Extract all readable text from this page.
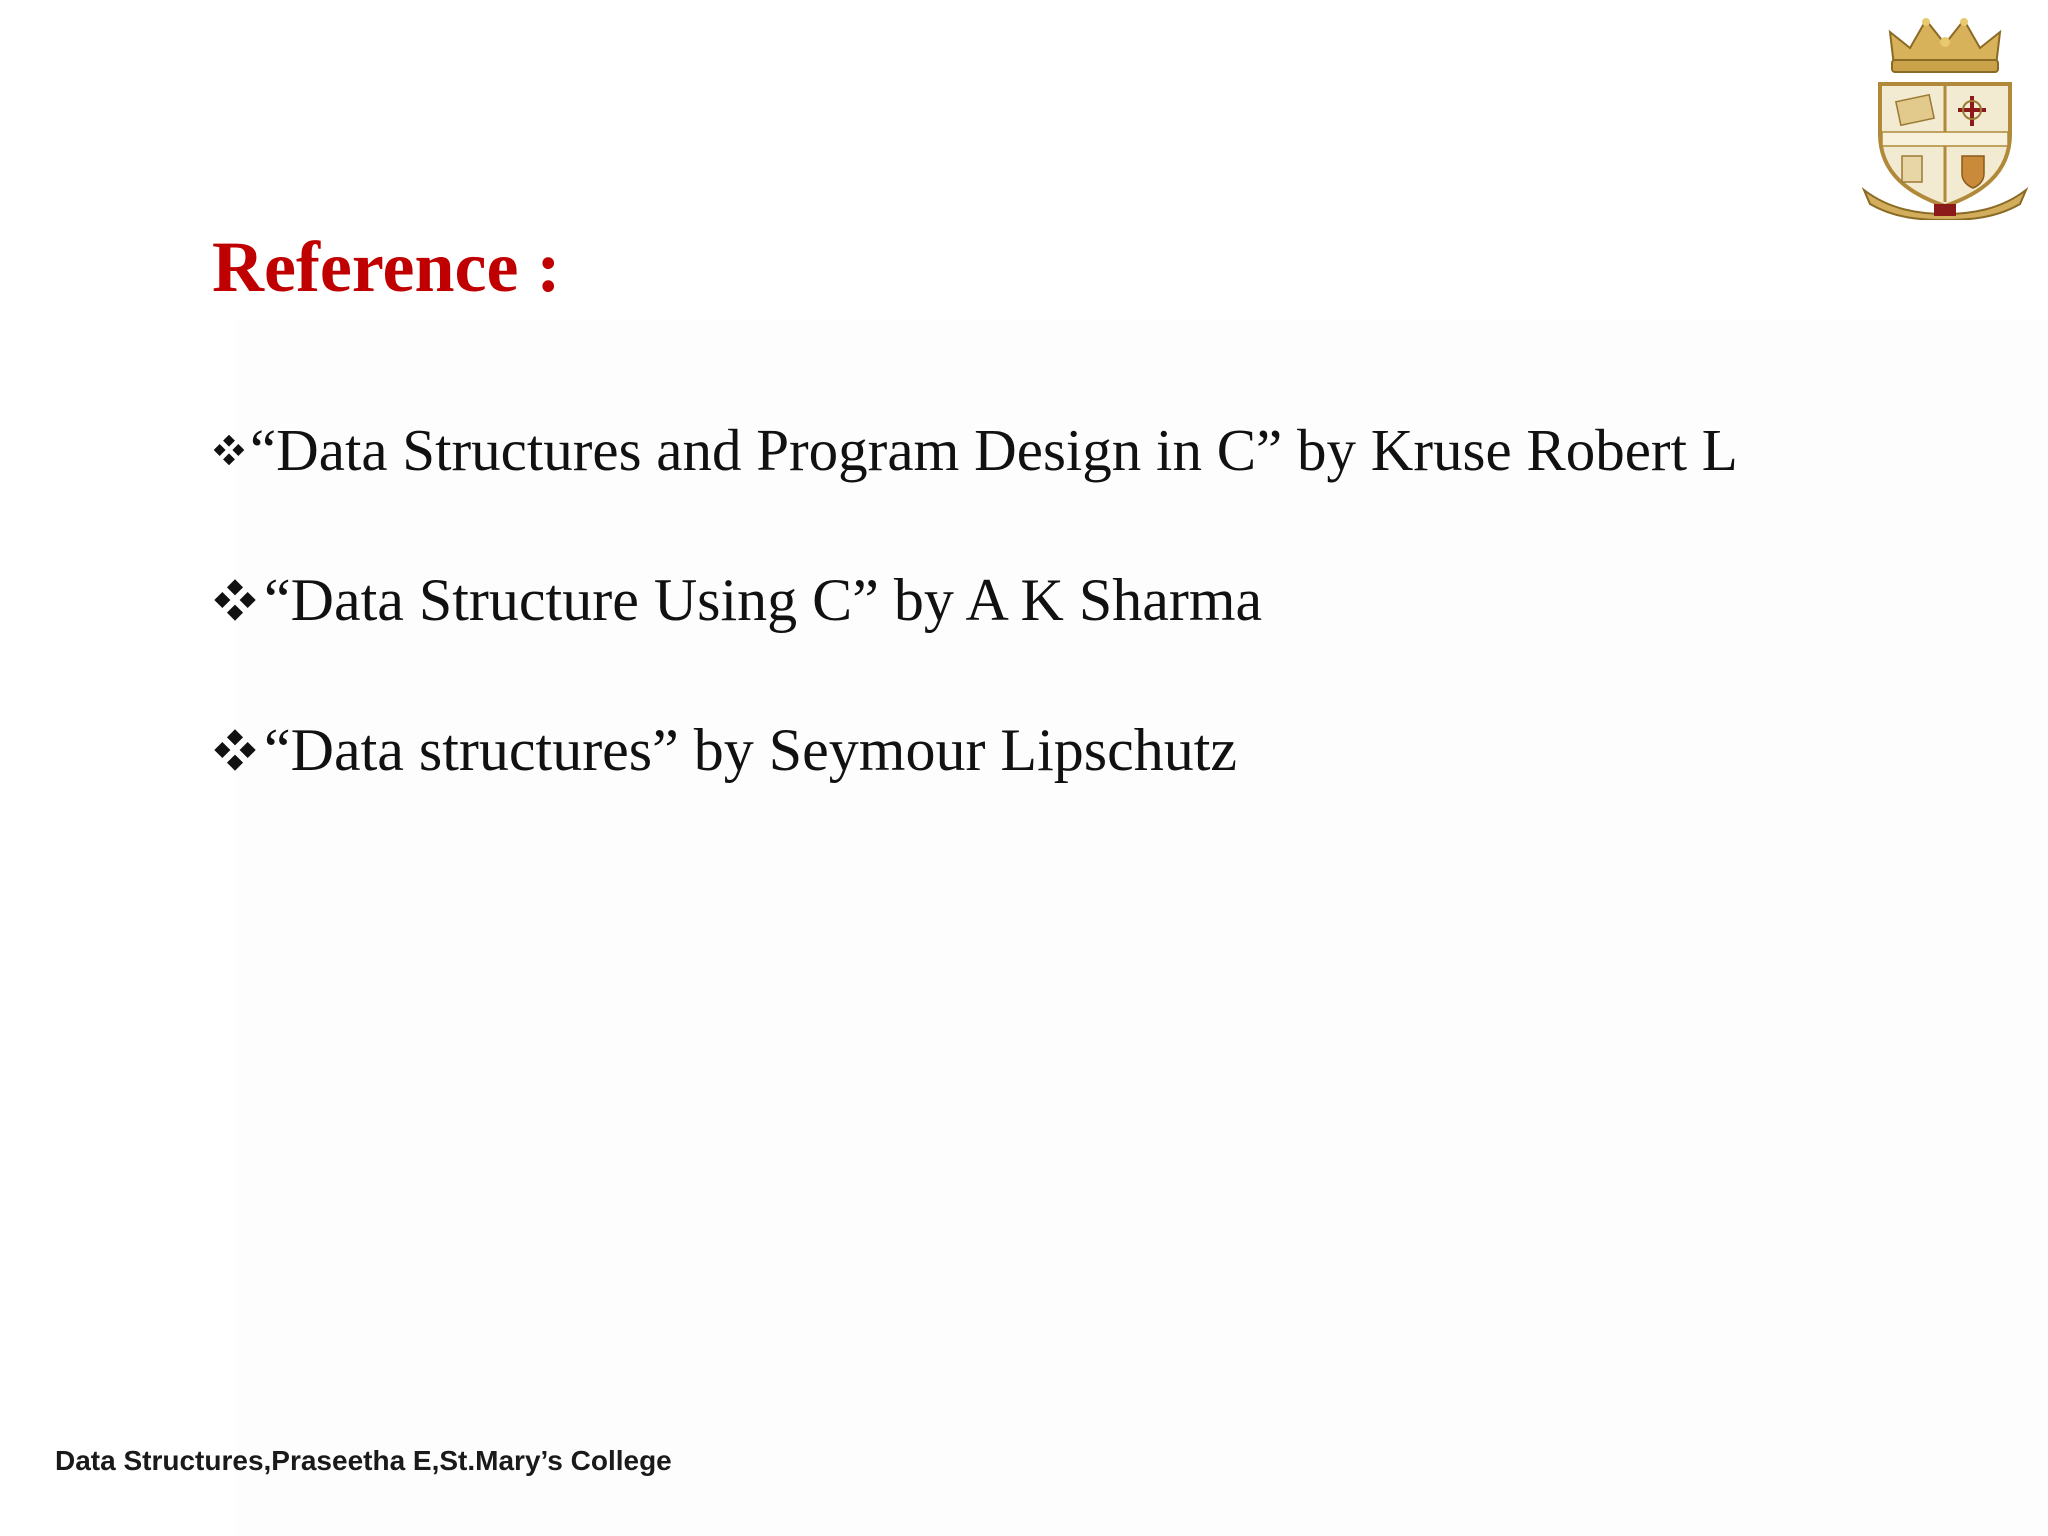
Reference :
“Data Structures and Program Design in C” by Kruse Robert L
“Data Structure Using C” by A K Sharma
“Data structures” by Seymour Lipschutz
Data Structures,Praseetha E,St.Mary’s College
